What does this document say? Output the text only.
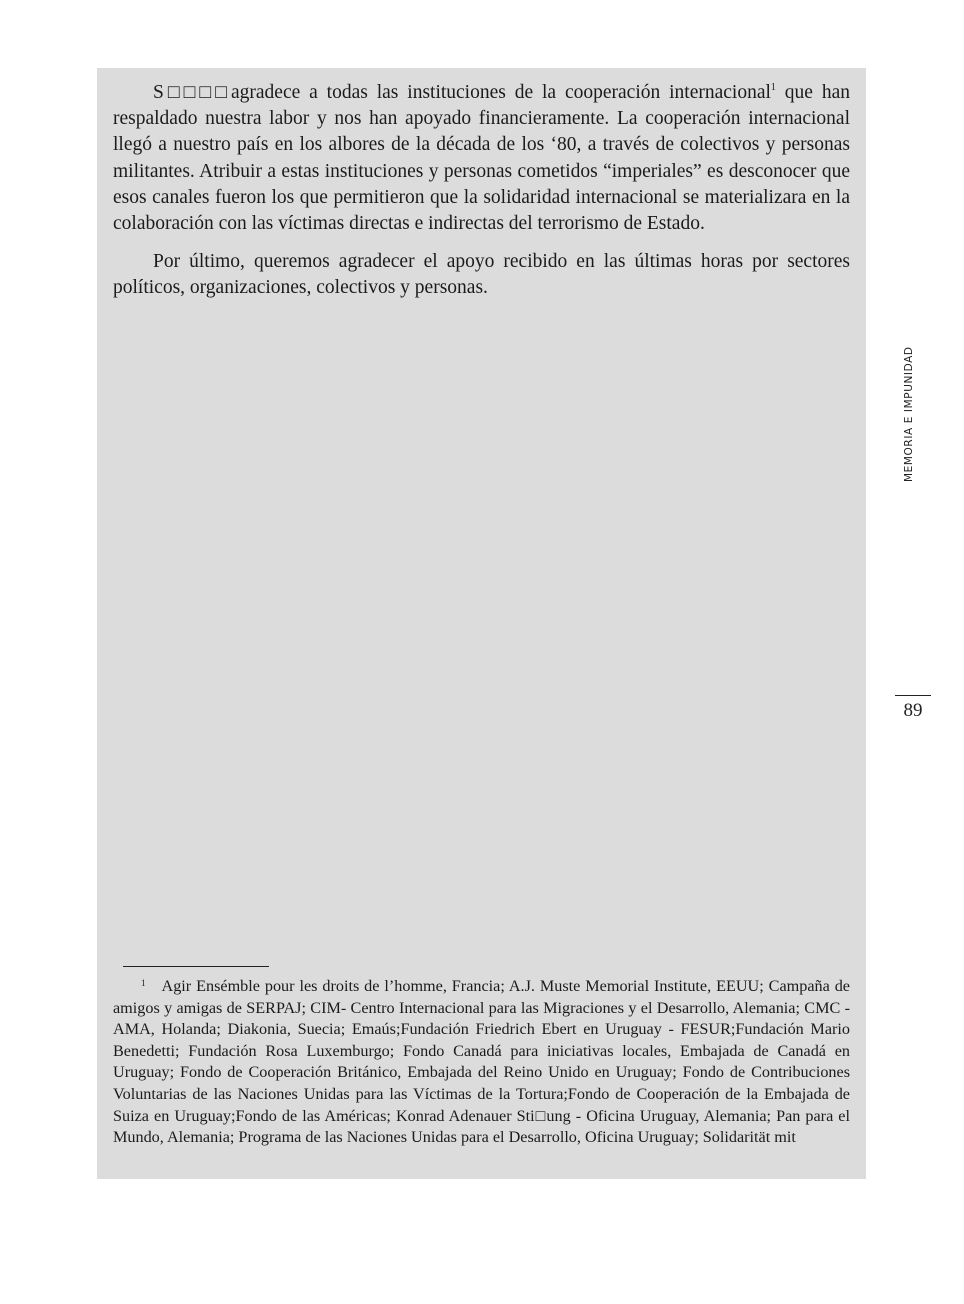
S□□□□agradece a todas las instituciones de la cooperación internacional$^1$ que han respaldado nuestra labor y nos han apoyado financieramente. La cooperación internacional llegó a nuestro país en los albores de la década de los ‘80, a través de colectivos y personas militantes. Atribuir a estas instituciones y personas cometidos “imperiales” es desconocer que esos canales fueron los que permitieron que la solidaridad internacional se materializara en la colaboración con las víctimas directas e indirectas del terrorismo de Estado.

Por último, queremos agradecer el apoyo recibido en las últimas horas por sectores políticos, organizaciones, colectivos y personas.

$^1$ Agir Ensémble pour les droits de l’homme, Francia; A.J. Muste Memorial Institute, EEUU; Campaña de amigos y amigas de SERPAJ; CIM- Centro Internacional para las Migraciones y el Desarrollo, Alemania; CMC - AMA, Holanda; Diakonia, Suecia; Emaús;Fundación Friedrich Ebert en Uruguay - FESUR;Fundación Mario Benedetti; Fundación Rosa Luxemburgo; Fondo Canadá para iniciativas locales, Embajada de Canadá en Uruguay; Fondo de Cooperación Británico, Embajada del Reino Unido en Uruguay; Fondo de Contribuciones Voluntarias de las Naciones Unidas para las Víctimas de la Tortura;Fondo de Cooperación de la Embajada de Suiza en Uruguay;Fondo de las Américas; Konrad Adenauer Sti□ung - Oficina Uruguay, Alemania; Pan para el Mundo, Alemania; Programa de las Naciones Unidas para el Desarrollo, Oficina Uruguay; Solidarität mit

MEMORIA E IMPUNIDAD
89
